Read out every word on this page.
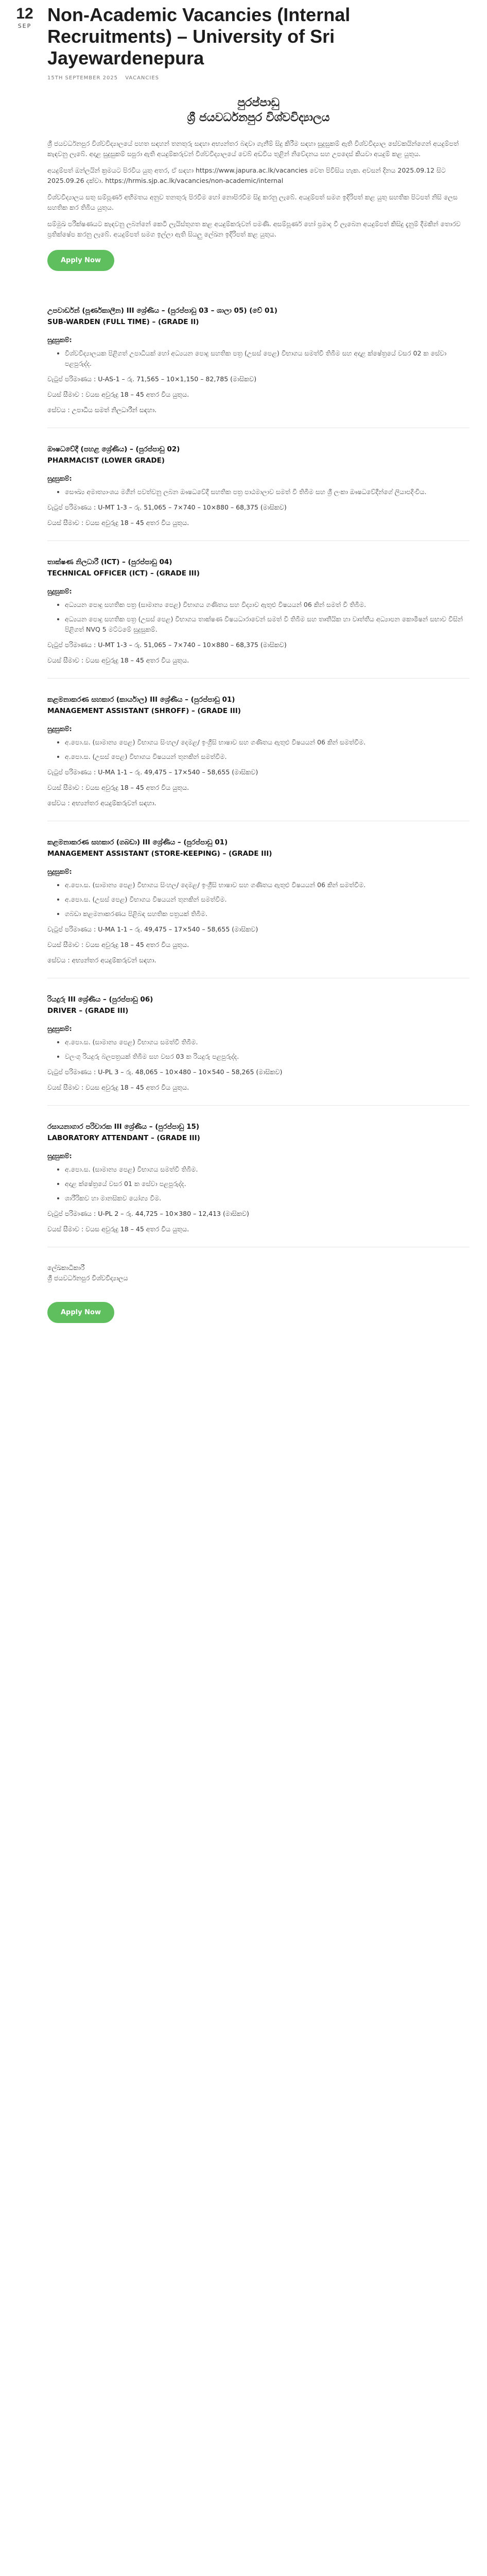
12
SEP
Non-Academic Vacancies (Internal Recruitments) – University of Sri Jayewardenepura
15TH SEPTEMBER 2025 VACANCIES
පුරප්පාඩු
ශ්‍රී ජයවර්ධනපුර විශ්වවිද්‍යාලය

ශ්‍රී ජයවර්ධනපුර විශ්වවිද්‍යාලයේ පහත සඳහන් තනතුරු සඳහා අභ්‍යන්තර බඳවා ගැනීම් සිදු කිරීම සඳහා සුදුසුකම් ඇති විශ්වවිද්‍යාල සේවකයින්ගෙන් අයදුම්පත් කැඳවනු ලැබේ. අදාළ සුදුසුකම් සපුරා ඇති අයදුම්කරුවන් විශ්වවිද්‍යාලයේ වෙබ් අඩවිය තුළින් නිවේදනය සහ උපදෙස් කියවා අයදුම් කළ යුතුය.

අයදුම්පත් ඔන්ලයින් ක්‍රමයට පිරවිය යුතු අතර, ඒ සඳහා https://www.japura.ac.lk/vacancies වෙත පිවිසිය හැක. අවසන් දිනය 2025.09.12 සිට 2025.09.26 දක්වා. https://hrmis.sjp.ac.lk/vacancies/non-academic/internal

විශ්වවිද්‍යාලය සතු සම්පූර්ණ අභිමතය අනුව තනතුරු පිරවීම හෝ නොපිරවීම සිදු කරනු ලැබේ. අයදුම්පත් සමග ඉදිරිපත් කළ යුතු සහතික පිටපත් නිසි ලෙස සහතික කර තිබිය යුතුය.

සම්මුඛ පරීක්ෂණයට කැඳවනු ලබන්නේ කෙටි ලැයිස්තුගත කළ අයදුම්කරුවන් පමණි. අසම්පූර්ණ හෝ ප්‍රමාද වී ලැබෙන අයදුම්පත් කිසිදු දැනුම් දීමකින් තොරව ප්‍රතික්ෂේප කරනු ලැබේ. අයදුම්පත් සමග ඉල්ලා ඇති සියලු ලේඛන ඉදිරිපත් කළ යුතුය.

Apply Now
උපවාර්ඩන් (පූර්ණකාලීන) III ශ්‍රේණිය – (පුරප්පාඩු 03 – ශාලා 05) (වේ 01)
SUB-WARDEN (FULL TIME) – (GRADE II)
සුදුසුකම්:
• විශ්වවිද්‍යාලයක පිළිගත් උපාධියක් හෝ අධ්‍යයන පොදු සහතික පත්‍ර (උසස් පෙළ) විභාගය සමත්වී තිබීම සහ අදාළ ක්ෂේත්‍රයේ වසර 02 ක සේවා පළපුරුද්ද.
වැටුප් පරිමාණය : U-AS-1 – රු. 71,565 – 10×1,150 – 82,785 (මාසිකව)
වයස් සීමාව : වයස අවුරුදු 18 – 45 අතර විය යුතුය.
සේවය : උපාධිය සමත් නිලධාරීන් සඳහා.
ඖෂධවේදී (පහළ ශ්‍රේණිය) – (පුරප්පාඩු 02)
PHARMACIST (LOWER GRADE)
සුදුසුකම්:
• සෞඛ්‍ය අමාත්‍යාංශය මගින් පවත්වනු ලබන ඖෂධවේදී සහතික පත්‍ර පාඨමාලාව සමත් වී තිබීම සහ ශ්‍රී ලංකා ඖෂධවේදීන්ගේ ලියාපදිංචිය.
වැටුප් පරිමාණය : U-MT 1-3 – රු. 51,065 – 7×740 – 10×880 – 68,375 (මාසිකව)
වයස් සීමාව : වයස අවුරුදු 18 – 45 අතර විය යුතුය.
තාක්ෂණ නිලධාරී (ICT) – (පුරප්පාඩු 04)
TECHNICAL OFFICER (ICT) – (GRADE III)
සුදුසුකම්:
• අධ්‍යයන පොදු සහතික පත්‍ර (සාමාන්‍ය පෙළ) විභාගය ගණිතය සහ විද්‍යාව ඇතුළු විෂයයන් 06 කින් සමත් වී තිබීම.
• අධ්‍යයන පොදු සහතික පත්‍ර (උසස් පෙළ) විභාගය තාක්ෂණ විෂයධාරාවෙන් සමත් වී තිබීම සහ තෘතීයික හා වෘත්තීය අධ්‍යාපන කොමිෂන් සභාව විසින් පිළිගත් NVQ 5 මට්ටමේ සුදුසුකම්.
වැටුප් පරිමාණය : U-MT 1-3 – රු. 51,065 – 7×740 – 10×880 – 68,375 (මාසිකව)
වයස් සීමාව : වයස අවුරුදු 18 – 45 අතර විය යුතුය.
කළමනාකරණ සහකාර (කාර්යාල) III ශ්‍රේණිය – (පුරප්පාඩු 01)
MANAGEMENT ASSISTANT (SHROFF) – (GRADE III)
සුදුසුකම්:
• අ.පො.ස. (සාමාන්‍ය පෙළ) විභාගය සිංහල/ දෙමළ/ ඉංග්‍රීසි භාෂාව සහ ගණිතය ඇතුළු විෂයයන් 06 කින් සමත්වීම.
• අ.පො.ස. (උසස් පෙළ) විභාගය විෂයයන් තුනකින් සමත්වීම.
වැටුප් පරිමාණය : U-MA 1-1 – රු. 49,475 – 17×540 – 58,655 (මාසිකව)
වයස් සීමාව : වයස අවුරුදු 18 – 45 අතර විය යුතුය.
සේවය : අභ්‍යන්තර අයදුම්කරුවන් සඳහා.
කළමනාකරණ සහකාර (ගබඩා) III ශ්‍රේණිය – (පුරප්පාඩු 01)
MANAGEMENT ASSISTANT (STORE-KEEPING) – (GRADE III)
සුදුසුකම්:
• අ.පො.ස. (සාමාන්‍ය පෙළ) විභාගය සිංහල/ දෙමළ/ ඉංග්‍රීසි භාෂාව සහ ගණිතය ඇතුළු විෂයයන් 06 කින් සමත්වීම.
• අ.පො.ස. (උසස් පෙළ) විභාගය විෂයයන් තුනකින් සමත්වීම.
• ගබඩා කළමනාකරණය පිළිබඳ සහතික පත්‍රයක් තිබීම.
වැටුප් පරිමාණය : U-MA 1-1 – රු. 49,475 – 17×540 – 58,655 (මාසිකව)
වයස් සීමාව : වයස අවුරුදු 18 – 45 අතර විය යුතුය.
සේවය : අභ්‍යන්තර අයදුම්කරුවන් සඳහා.
රියදුරු III ශ්‍රේණිය – (පුරප්පාඩු 06)
DRIVER – (GRADE III)
සුදුසුකම්:
• අ.පො.ස. (සාමාන්‍ය පෙළ) විභාගය සමත්වී තිබීම.
• වලංගු රියදුරු බලපත්‍රයක් තිබීම සහ වසර 03 ක රියදුරු පළපුරුද්ද.
වැටුප් පරිමාණය : U-PL 3 – රු. 48,065 – 10×480 – 10×540 – 58,265 (මාසිකව)
වයස් සීමාව : වයස අවුරුදු 18 – 45 අතර විය යුතුය.
රසායනාගාර පරිචාරක III ශ්‍රේණිය – (පුරප්පාඩු 15)
LABORATORY ATTENDANT – (GRADE III)
සුදුසුකම්:
• අ.පො.ස. (සාමාන්‍ය පෙළ) විභාගය සමත්වී තිබීම.
• අදාළ ක්ෂේත්‍රයේ වසර 01 ක සේවා පළපුරුද්ද.
• ශාරීරිකව හා මානසිකව යෝග්‍ය වීම.
වැටුප් පරිමාණය : U-PL 2 – රු. 44,725 – 10×380 – 12,413 (මාසිකව)
වයස් සීමාව : වයස අවුරුදු 18 – 45 අතර විය යුතුය.
ලේඛකාධිකාරී
ශ්‍රී ජයවර්ධනපුර විශ්වවිද්‍යාලය
Apply Now
